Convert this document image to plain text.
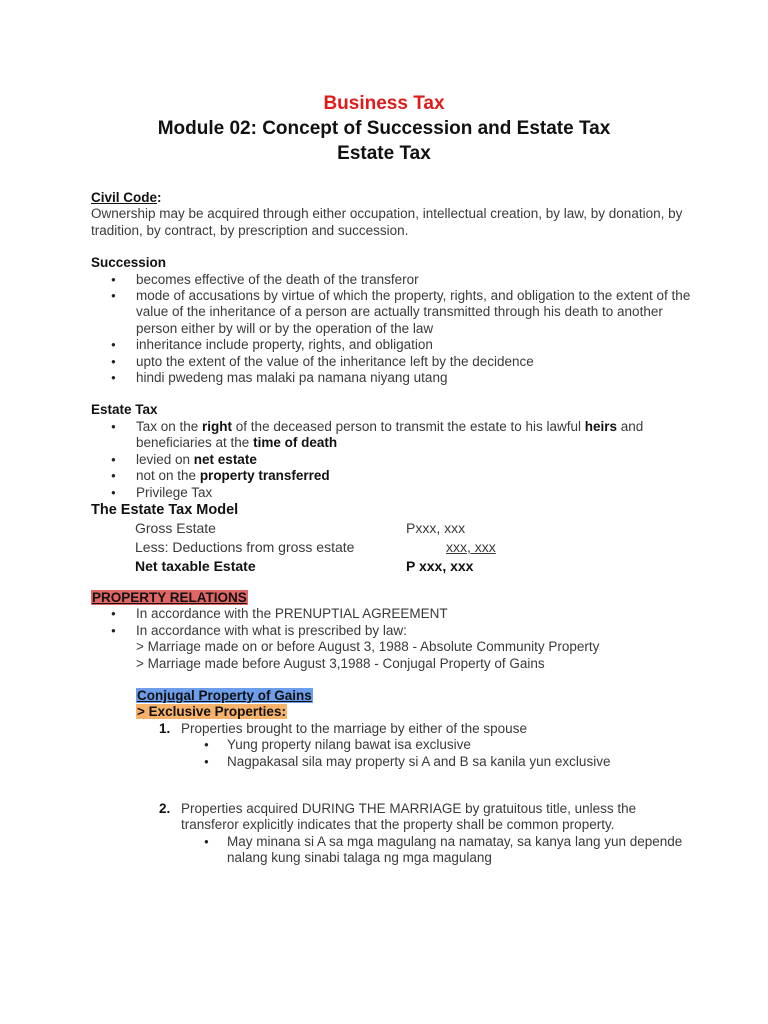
Business Tax
Module 02: Concept of Succession and Estate Tax
Estate Tax

Civil Code:

Ownership may be acquired through either occupation, intellectual creation, by law, by donation, by tradition, by contract, by prescription and succession.

Succession

● becomes effective of the death of the transferor
● mode of accusations by virtue of which the property, rights, and obligation to the extent of the value of the inheritance of a person are actually transmitted through his death to another person either by will or by the operation of the law
● inheritance include property, rights, and obligation
● upto the extent of the value of the inheritance left by the decidence
● hindi pwedeng mas malaki pa namana niyang utang

Estate Tax

● Tax on the right of the deceased person to transmit the estate to his lawful heirs and beneficiaries at the time of death
● levied on net estate
● not on the property transferred
● Privilege Tax

The Estate Tax Model

Gross Estate	Pxxx, xxx
Less: Deductions from gross estate	xxx, xxx
Net taxable Estate	P xxx, xxx

PROPERTY RELATIONS

● In accordance with the PRENUPTIAL AGREEMENT
● In accordance with what is prescribed by law:
> Marriage made on or before August 3, 1988 - Absolute Community Property
> Marriage made before August 3,1988 - Conjugal Property of Gains

Conjugal Property of Gains

> Exclusive Properties:

1. Properties brought to the marriage by either of the spouse
● Yung property nilang bawat isa exclusive
● Nagpakasal sila may property si A and B sa kanila yun exclusive
2. Properties acquired DURING THE MARRIAGE by gratuitous title, unless the transferor explicitly indicates that the property shall be common property.
● May minana si A sa mga magulang na namatay, sa kanya lang yun depende nalang kung sinabi talaga ng mga magulang
